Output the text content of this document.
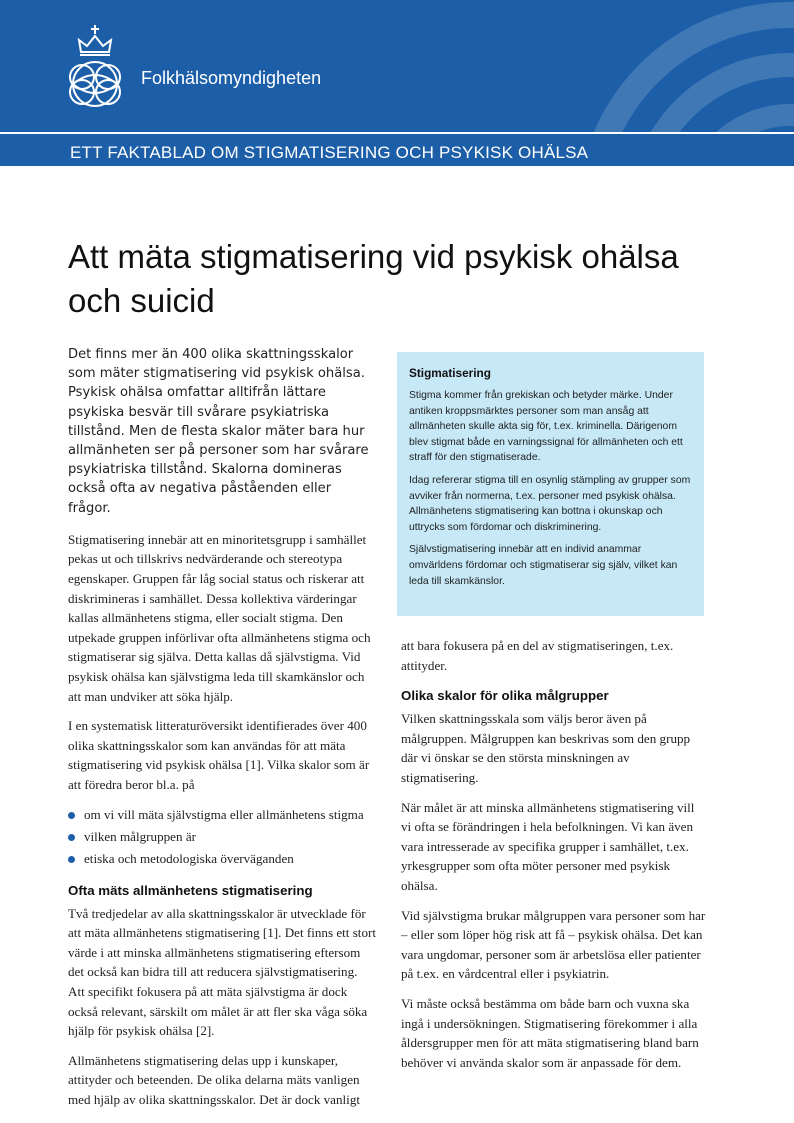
Folkhälsomyndigheten
ETT FAKTABLAD OM STIGMATISERING OCH PSYKISK OHÄLSA
Att mäta stigmatisering vid psykisk ohälsa och suicid

Det finns mer än 400 olika skattningsskalor som mäter stigmatisering vid psykisk ohälsa. Psykisk ohälsa omfattar alltifrån lättare psykiska besvär till svårare psykiatriska tillstånd. Men de flesta skalor mäter bara hur allmänheten ser på personer som har svårare psykiatriska tillstånd. Skalorna domineras också ofta av negativa påståenden eller frågor.

Stigmatisering innebär att en minoritetsgrupp i samhället pekas ut och tillskrivs nedvärderande och stereotypa egenskaper. Gruppen får låg social status och riskerar att diskrimineras i samhället. Dessa kollektiva värderingar kallas allmänhetens stigma, eller socialt stigma. Den utpekade gruppen införlivar ofta allmänhetens stigma och stigmatiserar sig själva. Detta kallas då självstigma. Vid psykisk ohälsa kan självstigma leda till skamkänslor och att man undviker att söka hjälp.

I en systematisk litteraturöversikt identifierades över 400 olika skattningsskalor som kan användas för att mäta stigmatisering vid psykisk ohälsa [1]. Vilka skalor som är att föredra beror bl.a. på

om vi vill mäta självstigma eller allmänhetens stigma
vilken målgruppen är
etiska och metodologiska överväganden
Ofta mäts allmänhetens stigmatisering

Två tredjedelar av alla skattningsskalor är utvecklade för att mäta allmänhetens stigmatisering [1]. Det finns ett stort värde i att minska allmänhetens stigmatisering eftersom det också kan bidra till att reducera självstigmatisering. Att specifikt fokusera på att mäta självstigma är dock också relevant, särskilt om målet är att fler ska våga söka hjälp för psykisk ohälsa [2].

Allmänhetens stigmatisering delas upp i kunskaper, attityder och beteenden. De olika delarna mäts vanligen med hjälp av olika skattningsskalor. Det är dock vanligt

Stigmatisering

Stigma kommer från grekiskan och betyder märke. Under antiken kroppsmärktes personer som man ansåg att allmänheten skulle akta sig för, t.ex. kriminella. Därigenom blev stigmat både en varningssignal för allmänheten och ett straff för den stigmatiserade.

Idag refererar stigma till en osynlig stämpling av grupper som avviker från normerna, t.ex. personer med psykisk ohälsa. Allmänhetens stigmatisering kan bottna i okunskap och uttrycks som fördomar och diskriminering.

Självstigmatisering innebär att en individ anammar omvärldens fördomar och stigmatiserar sig själv, vilket kan leda till skamkänslor.

att bara fokusera på en del av stigmatiseringen, t.ex. attityder.

Olika skalor för olika målgrupper

Vilken skattningsskala som väljs beror även på målgruppen. Målgruppen kan beskrivas som den grupp där vi önskar se den största minskningen av stigmatisering.

När målet är att minska allmänhetens stigmatisering vill vi ofta se förändringen i hela befolkningen. Vi kan även vara intresserade av specifika grupper i samhället, t.ex. yrkesgrupper som ofta möter personer med psykisk ohälsa.

Vid självstigma brukar målgruppen vara personer som har – eller som löper hög risk att få – psykisk ohälsa. Det kan vara ungdomar, personer som är arbetslösa eller patienter på t.ex. en vårdcentral eller i psykiatrin.

Vi måste också bestämma om både barn och vuxna ska ingå i undersökningen. Stigmatisering förekommer i alla åldersgrupper men för att mäta stigmatisering bland barn behöver vi använda skalor som är anpassade för dem.
